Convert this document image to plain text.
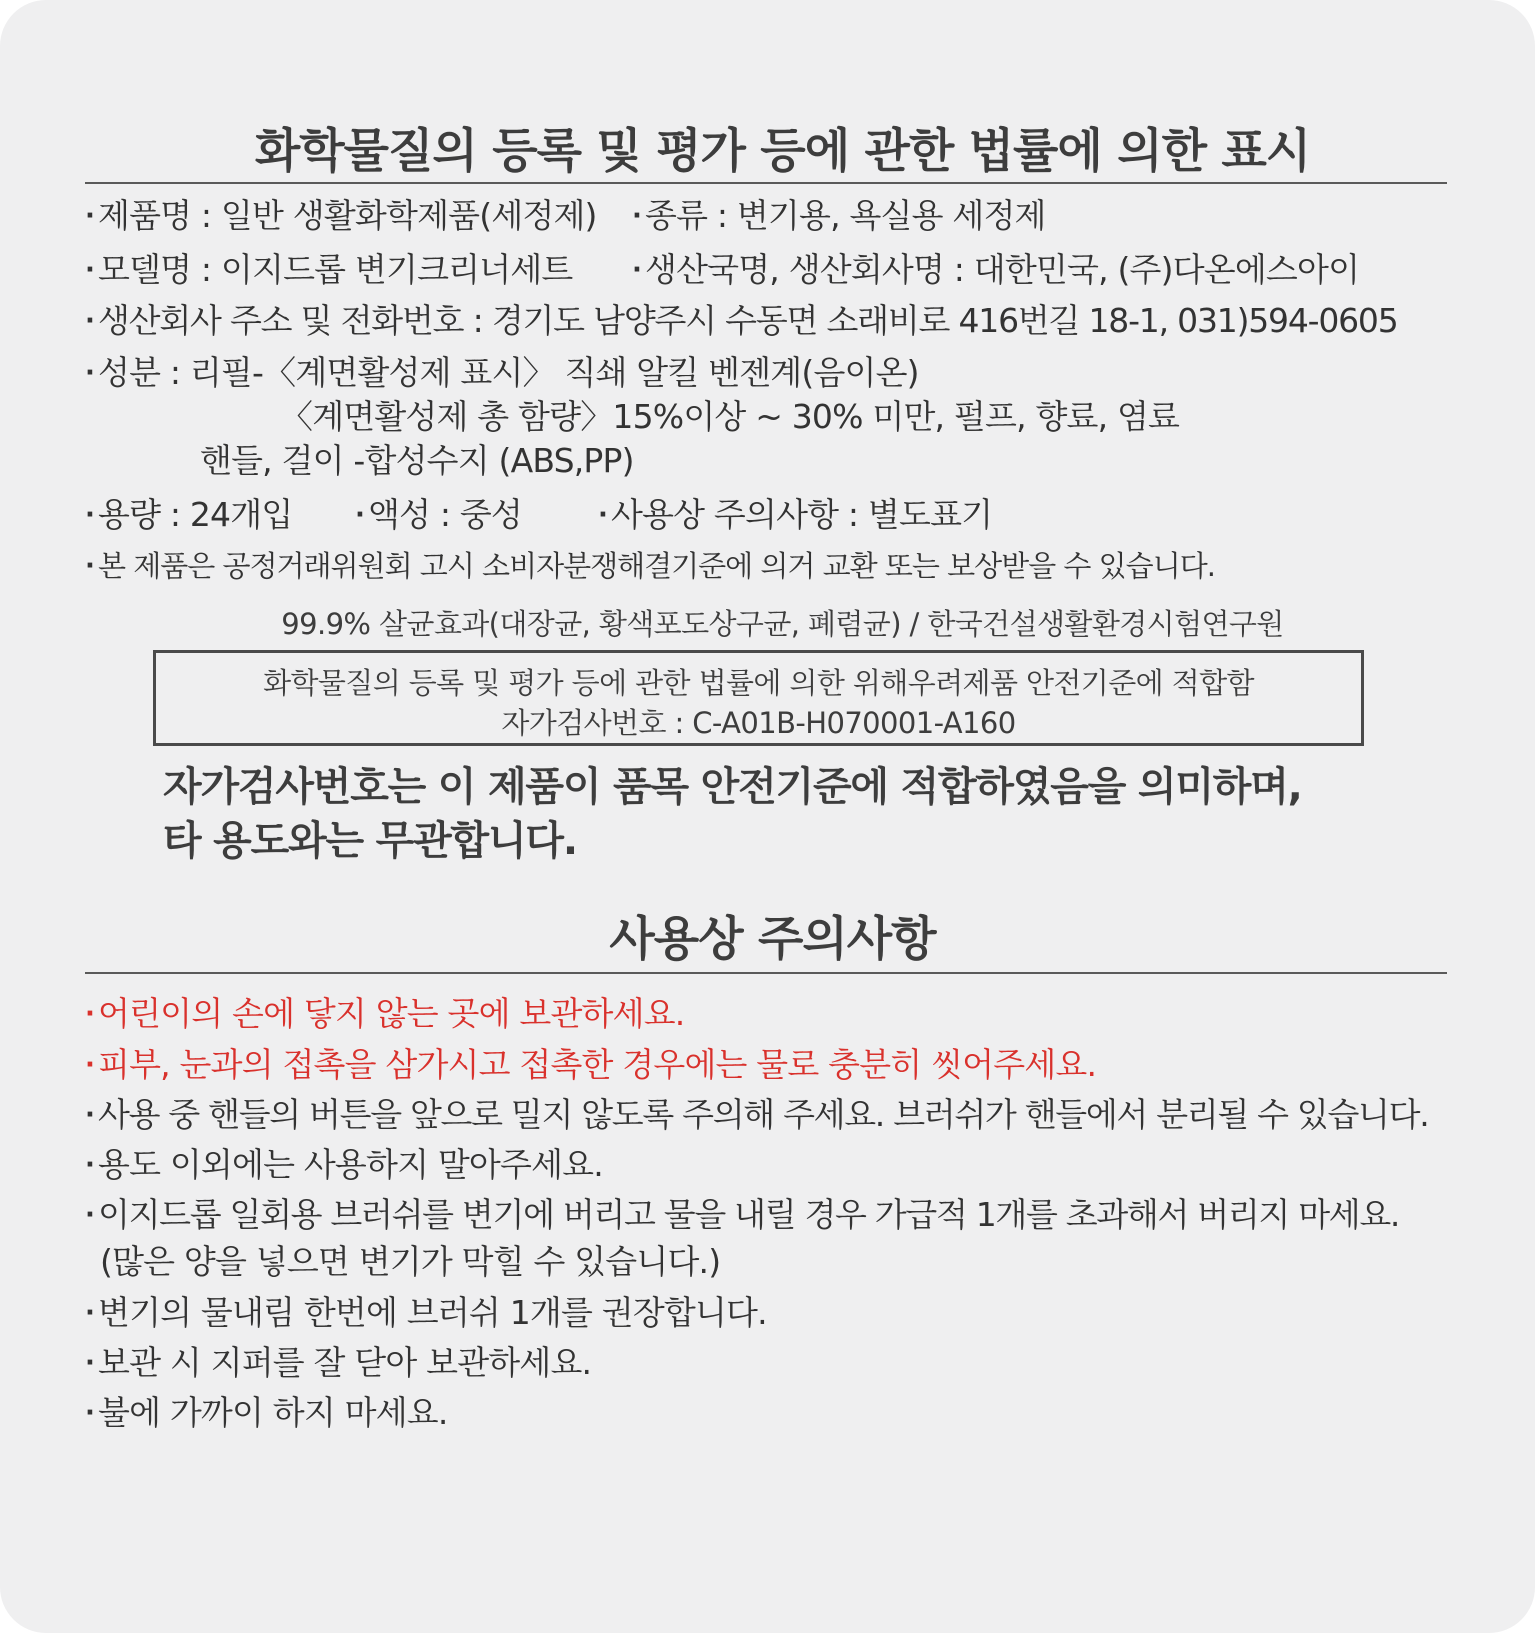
화학물질의 등록 및 평가 등에 관한 법률에 의한 표시
· 제품명 : 일반 생활화학제품(세정제) · 종류 : 변기용, 욕실용 세정제
· 모델명 : 이지드롭 변기크리너세트 · 생산국명, 생산회사명 : 대한민국, (주)다온에스아이
· 생산회사 주소 및 전화번호 : 경기도 남양주시 수동면 소래비로 416번길 18-1, 031)594-0605
· 성분 : 리필-〈계면활성제 표시〉 직쇄 알킬 벤젠계(음이온)
〈계면활성제 총 함량〉15%이상 ~ 30% 미만, 펄프, 향료, 염료
핸들, 걸이 -합성수지 (ABS,PP)
· 용량 : 24개입 · 액성 : 중성	· 사용상 주의사항 : 별도표기
· 본 제품은 공정거래위원회 고시 소비자분쟁해결기준에 의거 교환 또는 보상받을 수 있습니다.
99.9% 살균효과(대장균, 황색포도상구균, 폐렴균) / 한국건설생활환경시험연구원
화학물질의 등록 및 평가 등에 관한 법률에 의한 위해우려제품 안전기준에 적합함
자가검사번호 : C-A01B-H070001-A160
자가검사번호는 이 제품이 품목 안전기준에 적합하였음을 의미하며,
타 용도와는 무관합니다.
사용상 주의사항
· 어린이의 손에 닿지 않는 곳에 보관하세요.
· 피부, 눈과의 접촉을 삼가시고 접촉한 경우에는 물로 충분히 씻어주세요.
· 사용 중 핸들의 버튼을 앞으로 밀지 않도록 주의해 주세요. 브러쉬가 핸들에서 분리될 수 있습니다.
· 용도 이외에는 사용하지 말아주세요.
· 이지드롭 일회용 브러쉬를 변기에 버리고 물을 내릴 경우 가급적 1개를 초과해서 버리지 마세요.
(많은 양을 넣으면 변기가 막힐 수 있습니다.)
· 변기의 물내림 한번에 브러쉬 1개를 권장합니다.
· 보관 시 지퍼를 잘 닫아 보관하세요.
· 불에 가까이 하지 마세요.
